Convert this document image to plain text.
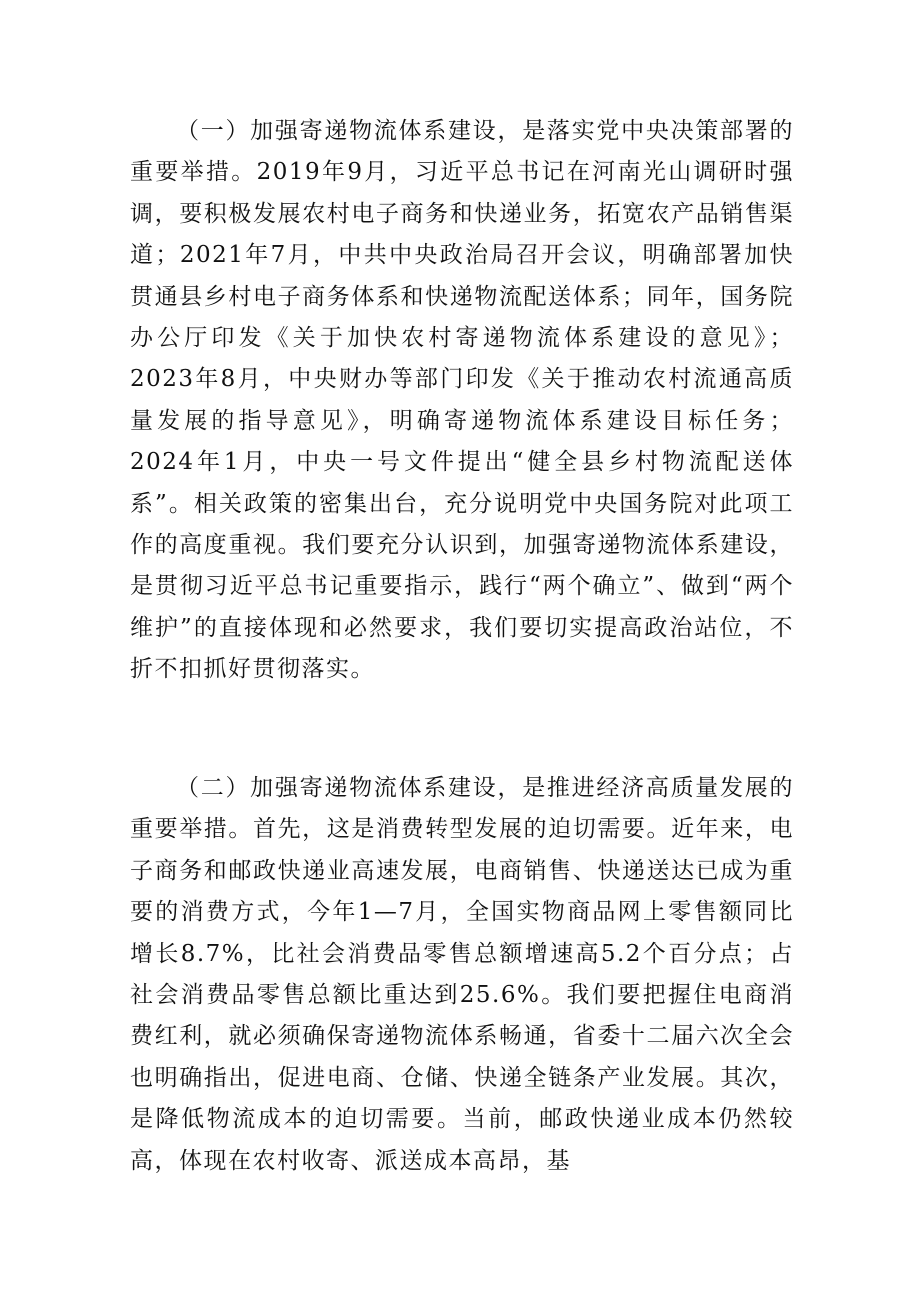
（一）加强寄递物流体系建设，是落实党中央决策部署的重要举措。2019年9月，习近平总书记在河南光山调研时强调，要积极发展农村电子商务和快递业务，拓宽农产品销售渠道；2021年7月，中共中央政治局召开会议，明确部署加快贯通县乡村电子商务体系和快递物流配送体系；同年，国务院办公厅印发《关于加快农村寄递物流体系建设的意见》；2023年8月，中央财办等部门印发《关于推动农村流通高质量发展的指导意见》，明确寄递物流体系建设目标任务；2024年1月，中央一号文件提出“健全县乡村物流配送体系”。相关政策的密集出台，充分说明党中央国务院对此项工作的高度重视。我们要充分认识到，加强寄递物流体系建设，是贯彻习近平总书记重要指示，践行“两个确立”、做到“两个维护”的直接体现和必然要求，我们要切实提高政治站位，不折不扣抓好贯彻落实。

（二）加强寄递物流体系建设，是推进经济高质量发展的重要举措。首先，这是消费转型发展的迫切需要。近年来，电子商务和邮政快递业高速发展，电商销售、快递送达已成为重要的消费方式，今年1—7月，全国实物商品网上零售额同比增长8.7%，比社会消费品零售总额增速高5.2个百分点；占社会消费品零售总额比重达到25.6%。我们要把握住电商消费红利，就必须确保寄递物流体系畅通，省委十二届六次全会也明确指出，促进电商、仓储、快递全链条产业发展。其次，是降低物流成本的迫切需要。当前，邮政快递业成本仍然较高，体现在农村收寄、派送成本高昂，基
